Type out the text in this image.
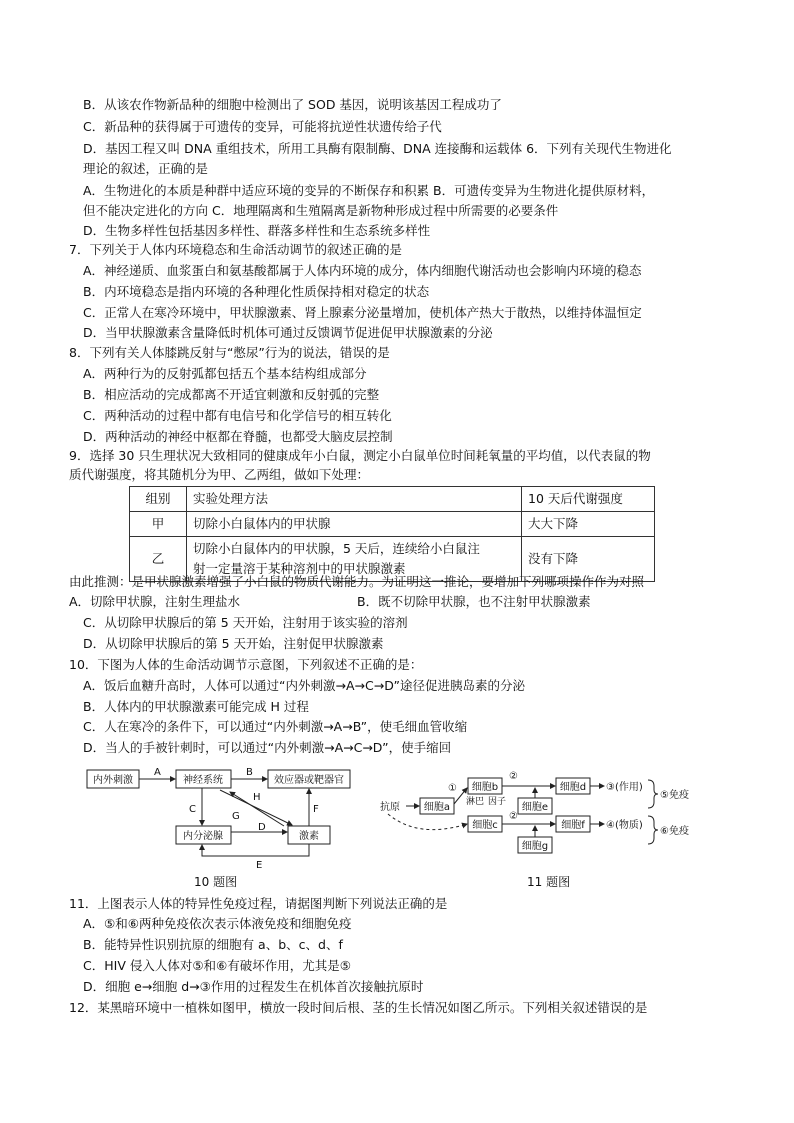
B．从该农作物新品种的细胞中检测出了 SOD 基因，说明该基因工程成功了
C．新品种的获得属于可遗传的变异，可能将抗逆性状遗传给子代
D．基因工程又叫 DNA 重组技术，所用工具酶有限制酶、DNA 连接酶和运载体 6．下列有关现代生物进化
理论的叙述，正确的是
A．生物进化的本质是种群中适应环境的变异的不断保存和积累 B．可遗传变异为生物进化提供原材料，
但不能决定进化的方向 C．地理隔离和生殖隔离是新物种形成过程中所需要的必要条件
D．生物多样性包括基因多样性、群落多样性和生态系统多样性
7．下列关于人体内环境稳态和生命活动调节的叙述正确的是
A．神经递质、血浆蛋白和氨基酸都属于人体内环境的成分，体内细胞代谢活动也会影响内环境的稳态
B．内环境稳态是指内环境的各种理化性质保持相对稳定的状态
C．正常人在寒冷环境中，甲状腺激素、肾上腺素分泌量增加，使机体产热大于散热，以维持体温恒定
D．当甲状腺激素含量降低时机体可通过反馈调节促进促甲状腺激素的分泌
8．下列有关人体膝跳反射与“憋尿”行为的说法，错误的是
A．两种行为的反射弧都包括五个基本结构组成部分
B．相应活动的完成都离不开适宜刺激和反射弧的完整
C．两种活动的过程中都有电信号和化学信号的相互转化
D．两种活动的神经中枢都在脊髓，也都受大脑皮层控制
9．选择 30 只生理状况大致相同的健康成年小白鼠，测定小白鼠单位时间耗氧量的平均值，以代表鼠的物
质代谢强度，将其随机分为甲、乙两组，做如下处理：
组别	实验处理方法	10 天后代谢强度
甲	切除小白鼠体内的甲状腺	大大下降
乙	切除小白鼠体内的甲状腺，5 天后，连续给小白鼠注
射一定量溶于某种溶剂中的甲状腺激素	没有下降
由此推测：是甲状腺激素增强了小白鼠的物质代谢能力。为证明这一推论，要增加下列哪项操作作为对照
A．切除甲状腺，注射生理盐水	B．既不切除甲状腺，也不注射甲状腺激素
C．从切除甲状腺后的第 5 天开始，注射用于该实验的溶剂
D．从切除甲状腺后的第 5 天开始，注射促甲状腺激素
10．下图为人体的生命活动调节示意图，下列叙述不正确的是：
A．饭后血糖升高时，人体可以通过“内外刺激→A→C→D”途径促进胰岛素的分泌
B．人体内的甲状腺激素可能完成 H 过程
C．人在寒冷的条件下，可以通过“内外刺激→A→B”，使毛细血管收缩
D．当人的手被针刺时，可以通过“内外刺激→A→C→D”，使手缩回
内外刺激	神经系统	效应器或靶器官
内分泌腺	激素
A	B
C
D
E
F
G
H
10 题图
抗原 细胞a
细胞b
细胞c
细胞e
细胞g
细胞d
细胞f
淋巴 因子
①
②
②
③(作用)
④(物质)
⑤免疫
⑥免疫
11 题图
11．上图表示人体的特异性免疫过程，请据图判断下列说法正确的是
A．⑤和⑥两种免疫依次表示体液免疫和细胞免疫
B．能特异性识别抗原的细胞有 a、b、c、d、f
C．HIV 侵入人体对⑤和⑥有破坏作用，尤其是⑤
D．细胞 e→细胞 d→③作用的过程发生在机体首次接触抗原时
12．某黑暗环境中一植株如图甲，横放一段时间后根、茎的生长情况如图乙所示。下列相关叙述错误的是
